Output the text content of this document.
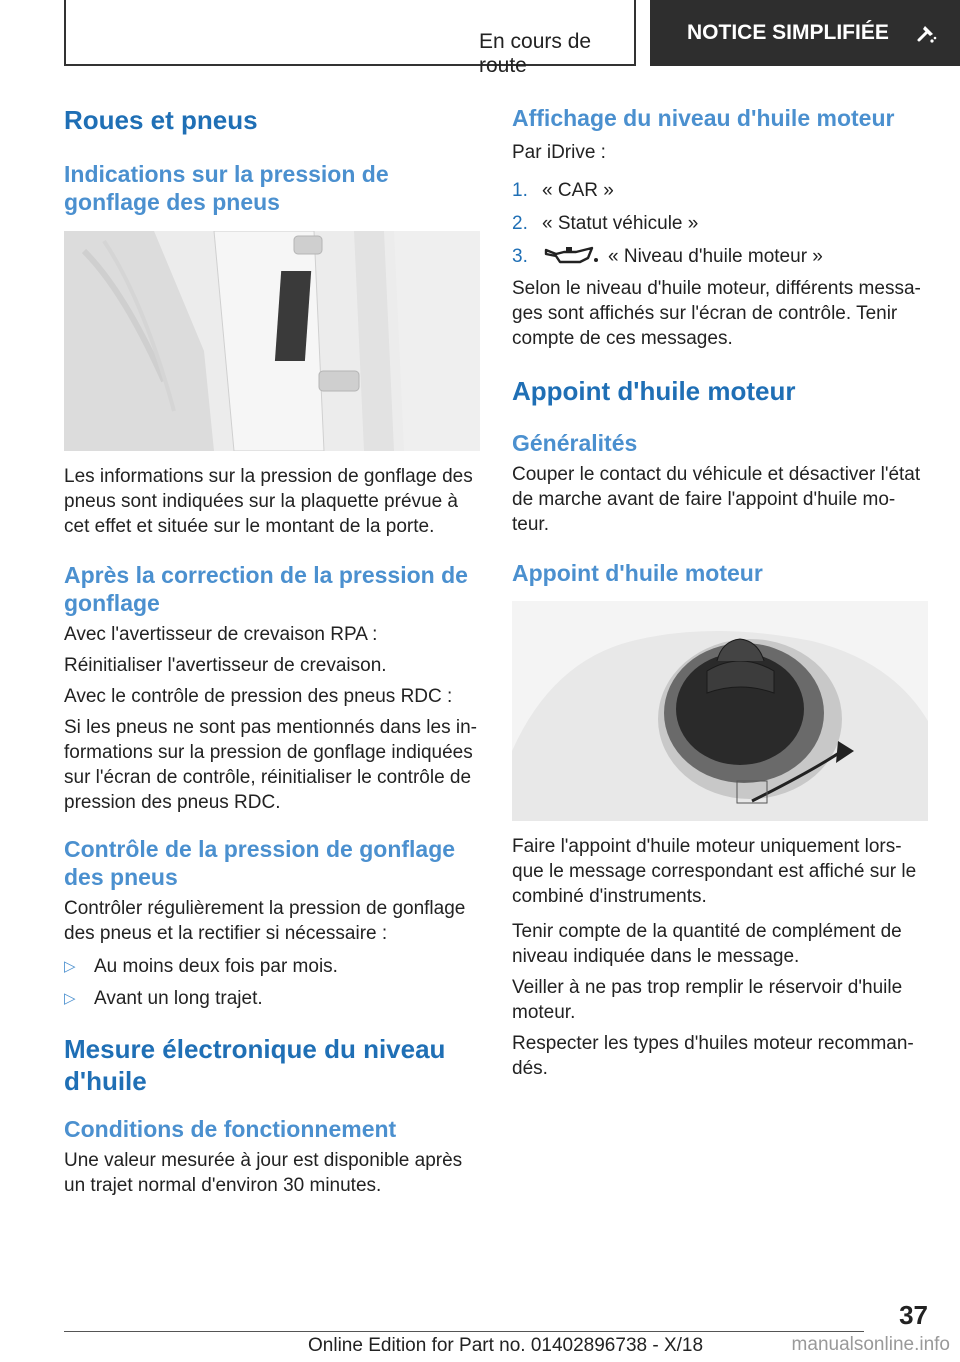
En cours de route
NOTICE SIMPLIFIÉE
Roues et pneus
Indications sur la pression de gonflage des pneus

Les informations sur la pression de gonflage des pneus sont indiquées sur la plaquette prévue à cet effet et située sur le montant de la porte.

Après la correction de la pression de gonflage

Avec l'avertisseur de crevaison RPA :

Réinitialiser l'avertisseur de crevaison.

Avec le contrôle de pression des pneus RDC :

Si les pneus ne sont pas mentionnés dans les in-formations sur la pression de gonflage indiquées sur l'écran de contrôle, réinitialiser le contrôle de pression des pneus RDC.

Contrôle de la pression de gonflage des pneus

Contrôler régulièrement la pression de gonflage des pneus et la rectifier si nécessaire :

▷ Au moins deux fois par mois.
▷ Avant un long trajet.
Mesure électronique du niveau d'huile
Conditions de fonctionnement

Une valeur mesurée à jour est disponible après un trajet normal d'environ 30 minutes.

Affichage du niveau d'huile moteur

Par iDrive :

1. « CAR »
2. « Statut véhicule »
3.	« Niveau d'huile moteur »

Selon le niveau d'huile moteur, différents messa-ges sont affichés sur l'écran de contrôle. Tenir compte de ces messages.

Appoint d'huile moteur
Généralités

Couper le contact du véhicule et désactiver l'état de marche avant de faire l'appoint d'huile mo-teur.

Appoint d'huile moteur

Faire l'appoint d'huile moteur uniquement lors-que le message correspondant est affiché sur le combiné d'instruments.

Tenir compte de la quantité de complément de niveau indiquée dans le message.

Veiller à ne pas trop remplir le réservoir d'huile moteur.

Respecter les types d'huiles moteur recomman-dés.

37
Online Edition for Part no. 01402896738 - X/18	manualsonline.info
